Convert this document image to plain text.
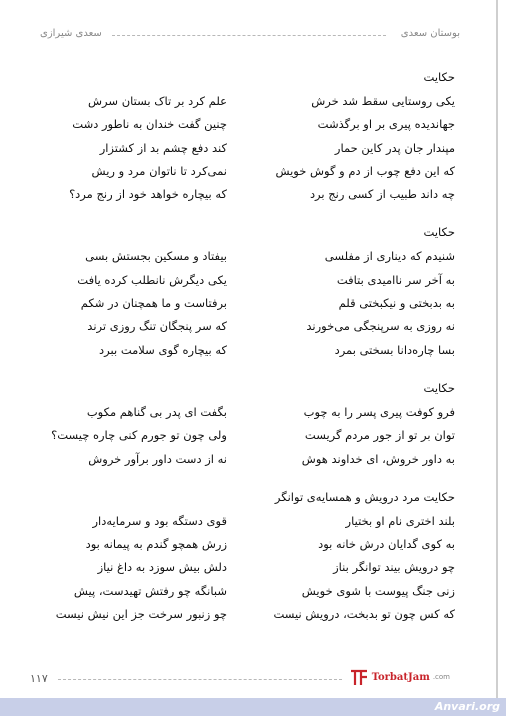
بوستان سعدی
سعدی شیرازی
حکایت
یکی روستایی سقط شد خرش
علم کرد بر تاک بستان سرش
جهاندیده پیری بر او برگذشت
چنین گفت خندان به ناطور دشت
مپندار جان پدر کاین حمار
کند دفع چشم بد از کشتزار
که این دفع چوب از دم و گوش خویش
نمی‌کرد تا ناتوان مرد و ریش
چه داند طبیب از کسی رنج برد
که بیچاره خواهد خود از رنج مرد؟
حکایت
شنیدم که دیناری از مفلسی
بیفتاد و مسکین بجستش بسی
به آخر سر ناامیدی بتافت
یکی دیگرش نانطلب کرده یافت
به بدبختی و نیکبختی قلم
برفتاست و ما همچنان در شکم
نه روزی به سرپنجگی می‌خورند
که سر پنجگان تنگ روزی ترند
بسا چاره‌دانا بسختی بمرد
که بیچاره گوی سلامت ببرد
حکایت
فرو کوفت پیری پسر را به چوب
بگفت ای پدر بی گناهم مکوب
توان بر تو از جور مردم گریست
ولی چون تو جورم کنی چاره چیست؟
به داور خروش، ای خداوند هوش
نه از دست داور برآور خروش
حکایت مرد درویش و همسایه‌ی توانگر
بلند اختری نام او بختیار
قوی دستگه بود و سرمایه‌دار
به کوی گدایان درش خانه بود
زرش همچو گندم به پیمانه بود
چو درویش بیند توانگر بناز
دلش بیش سوزد به داغ نیاز
زنی جنگ پیوست با شوی خویش
شبانگه چو رفتش تهیدست، پیش
که کس چون تو بدبخت، درویش نیست
چو زنبور سرخت جز این نیش نیست
۱۱۷	TorbatJam .com
Anvari.org
